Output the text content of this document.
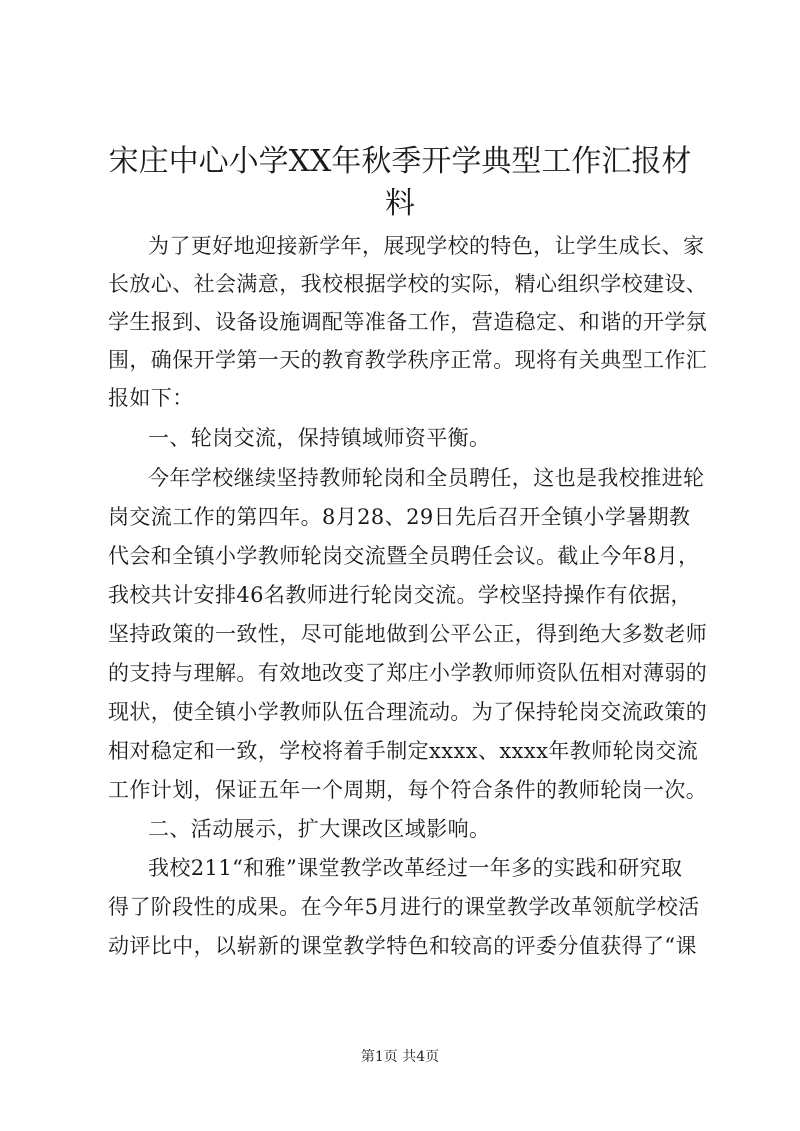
宋庄中心小学XX年秋季开学典型工作汇报材
料
为了更好地迎接新学年，展现学校的特色，让学生成长、家
长放心、社会满意，我校根据学校的实际，精心组织学校建设、
学生报到、设备设施调配等准备工作，营造稳定、和谐的开学氛
围，确保开学第一天的教育教学秩序正常。现将有关典型工作汇
报如下：
一、轮岗交流，保持镇域师资平衡。
今年学校继续坚持教师轮岗和全员聘任，这也是我校推进轮
岗交流工作的第四年。8月28、29日先后召开全镇小学暑期教
代会和全镇小学教师轮岗交流暨全员聘任会议。截止今年8月，
我校共计安排46名教师进行轮岗交流。学校坚持操作有依据，
坚持政策的一致性，尽可能地做到公平公正，得到绝大多数老师
的支持与理解。有效地改变了郑庄小学教师师资队伍相对薄弱的
现状，使全镇小学教师队伍合理流动。为了保持轮岗交流政策的
相对稳定和一致，学校将着手制定xxxx、xxxx年教师轮岗交流
工作计划，保证五年一个周期，每个符合条件的教师轮岗一次。
二、活动展示，扩大课改区域影响。
我校211“和雅”课堂教学改革经过一年多的实践和研究取
得了阶段性的成果。在今年5月进行的课堂教学改革领航学校活
动评比中，以崭新的课堂教学特色和较高的评委分值获得了“课
第1页 共4页
